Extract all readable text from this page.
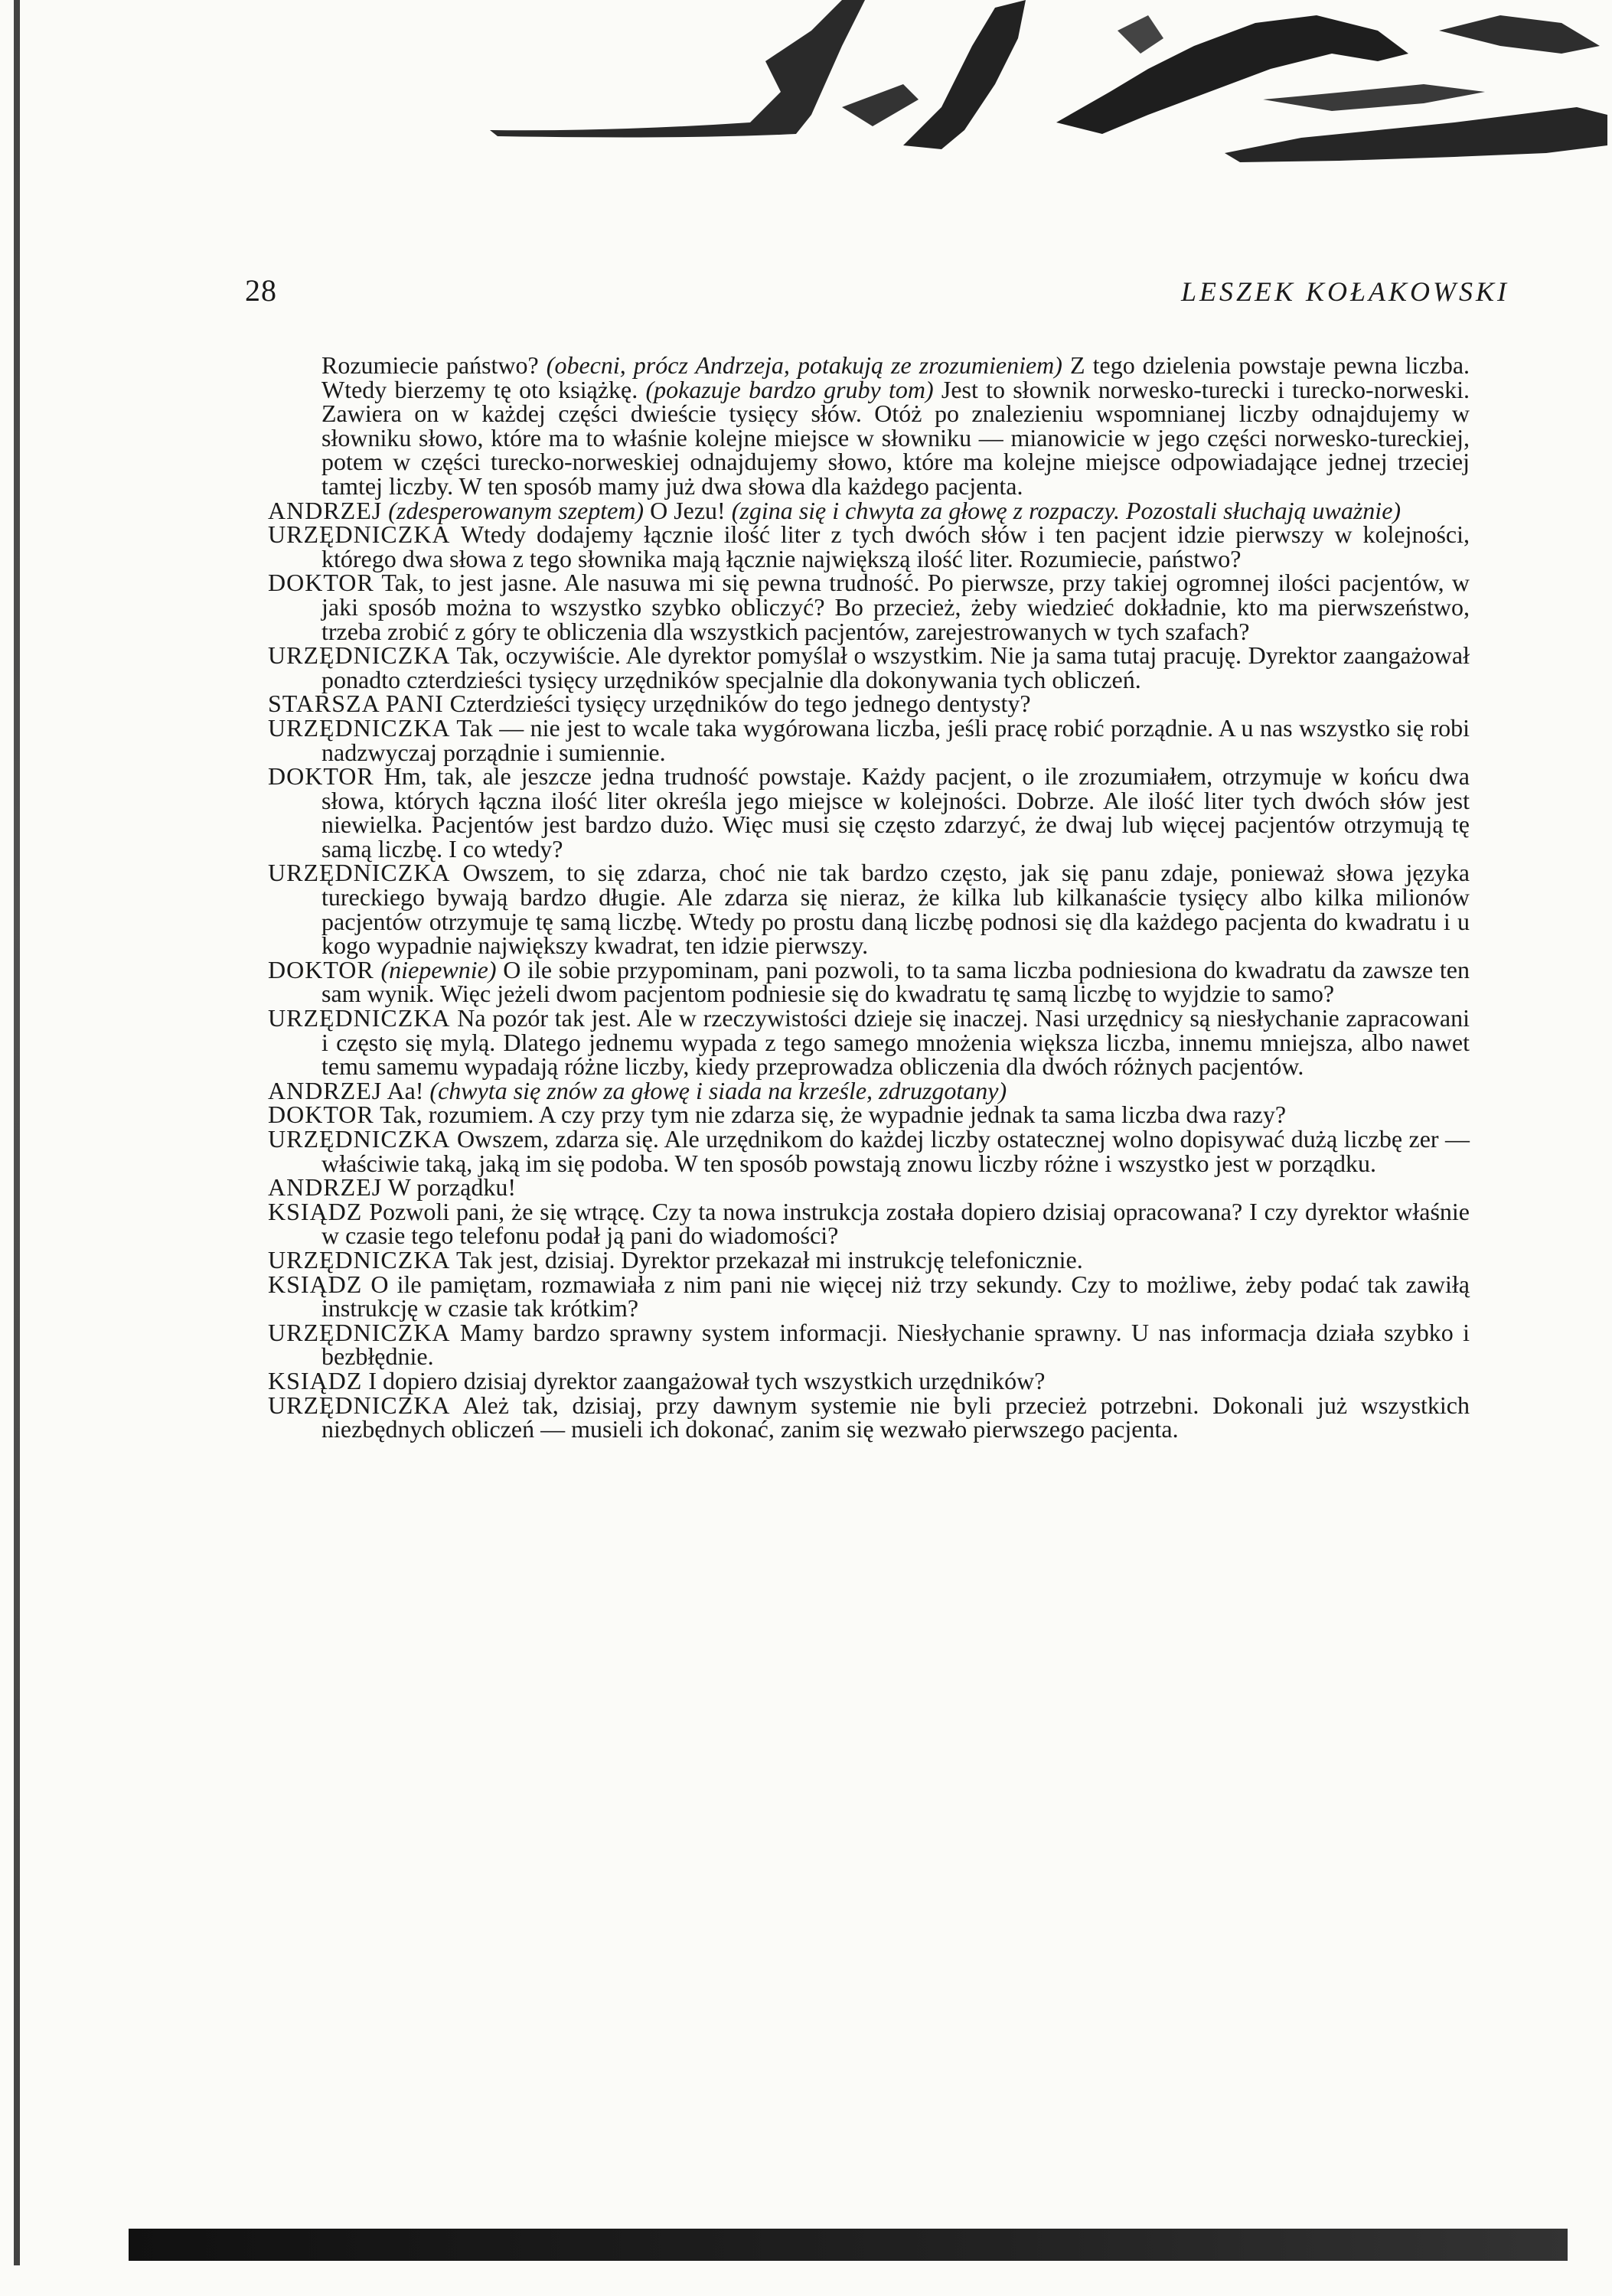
28	LESZEK KOŁAKOWSKI

Rozumiecie państwo? (obecni, prócz Andrzeja, potakują ze zrozumieniem) Z tego dzielenia powstaje pewna liczba. Wtedy bierzemy tę oto książkę. (pokazuje bardzo gruby tom) Jest to słownik norwesko-turecki i turecko-norweski. Zawiera on w każdej części dwieście tysięcy słów. Otóż po znalezieniu wspomnianej liczby odnajdujemy w słowniku słowo, które ma to właśnie kolejne miejsce w słowniku — mianowicie w jego części norwesko-tureckiej, potem w części turecko-norweskiej odnajdujemy słowo, które ma kolejne miejsce odpowiadające jednej trzeciej tamtej liczby. W ten sposób mamy już dwa słowa dla każdego pacjenta.

ANDRZEJ (zdesperowanym szeptem) O Jezu! (zgina się i chwyta za głowę z rozpaczy. Pozostali słuchają uważnie)

URZĘDNICZKA Wtedy dodajemy łącznie ilość liter z tych dwóch słów i ten pacjent idzie pierwszy w kolejności, którego dwa słowa z tego słownika mają łącznie największą ilość liter. Rozumiecie, państwo?

DOKTOR Tak, to jest jasne. Ale nasuwa mi się pewna trudność. Po pierwsze, przy takiej ogromnej ilości pacjentów, w jaki sposób można to wszystko szybko obliczyć? Bo przecież, żeby wiedzieć dokładnie, kto ma pierwszeństwo, trzeba zrobić z góry te obliczenia dla wszystkich pacjentów, zarejestrowanych w tych szafach?

URZĘDNICZKA Tak, oczywiście. Ale dyrektor pomyślał o wszystkim. Nie ja sama tutaj pracuję. Dyrektor zaangażował ponadto czterdzieści tysięcy urzędników specjalnie dla dokonywania tych obliczeń.

STARSZA PANI Czterdzieści tysięcy urzędników do tego jednego dentysty?

URZĘDNICZKA Tak — nie jest to wcale taka wygórowana liczba, jeśli pracę robić porządnie. A u nas wszystko się robi nadzwyczaj porządnie i sumiennie.

DOKTOR Hm, tak, ale jeszcze jedna trudność powstaje. Każdy pacjent, o ile zrozumiałem, otrzymuje w końcu dwa słowa, których łączna ilość liter określa jego miejsce w kolejności. Dobrze. Ale ilość liter tych dwóch słów jest niewielka. Pacjentów jest bardzo dużo. Więc musi się często zdarzyć, że dwaj lub więcej pacjentów otrzymują tę samą liczbę. I co wtedy?

URZĘDNICZKA Owszem, to się zdarza, choć nie tak bardzo często, jak się panu zdaje, ponieważ słowa języka tureckiego bywają bardzo długie. Ale zdarza się nieraz, że kilka lub kilkanaście tysięcy albo kilka milionów pacjentów otrzymuje tę samą liczbę. Wtedy po prostu daną liczbę podnosi się dla każdego pacjenta do kwadratu i u kogo wypadnie największy kwadrat, ten idzie pierwszy.

DOKTOR (niepewnie) O ile sobie przypominam, pani pozwoli, to ta sama liczba podniesiona do kwadratu da zawsze ten sam wynik. Więc jeżeli dwom pacjentom podniesie się do kwadratu tę samą liczbę to wyjdzie to samo?

URZĘDNICZKA Na pozór tak jest. Ale w rzeczywistości dzieje się inaczej. Nasi urzędnicy są niesłychanie zapracowani i często się mylą. Dlatego jednemu wypada z tego samego mnożenia większa liczba, innemu mniejsza, albo nawet temu samemu wypadają różne liczby, kiedy przeprowadza obliczenia dla dwóch różnych pacjentów.

ANDRZEJ Aa! (chwyta się znów za głowę i siada na krześle, zdruzgotany)

DOKTOR Tak, rozumiem. A czy przy tym nie zdarza się, że wypadnie jednak ta sama liczba dwa razy?

URZĘDNICZKA Owszem, zdarza się. Ale urzędnikom do każdej liczby ostatecznej wolno dopisywać dużą liczbę zer — właściwie taką, jaką im się podoba. W ten sposób powstają znowu liczby różne i wszystko jest w porządku.

ANDRZEJ W porządku!

KSIĄDZ Pozwoli pani, że się wtrącę. Czy ta nowa instrukcja została dopiero dzisiaj opracowana? I czy dyrektor właśnie w czasie tego telefonu podał ją pani do wiadomości?

URZĘDNICZKA Tak jest, dzisiaj. Dyrektor przekazał mi instrukcję telefonicznie.

KSIĄDZ O ile pamiętam, rozmawiała z nim pani nie więcej niż trzy sekundy. Czy to możliwe, żeby podać tak zawiłą instrukcję w czasie tak krótkim?

URZĘDNICZKA Mamy bardzo sprawny system informacji. Niesłychanie sprawny. U nas informacja działa szybko i bezbłędnie.

KSIĄDZ I dopiero dzisiaj dyrektor zaangażował tych wszystkich urzędników?

URZĘDNICZKA Ależ tak, dzisiaj, przy dawnym systemie nie byli przecież potrzebni. Dokonali już wszystkich niezbędnych obliczeń — musieli ich dokonać, zanim się wezwało pierwszego pacjenta.
